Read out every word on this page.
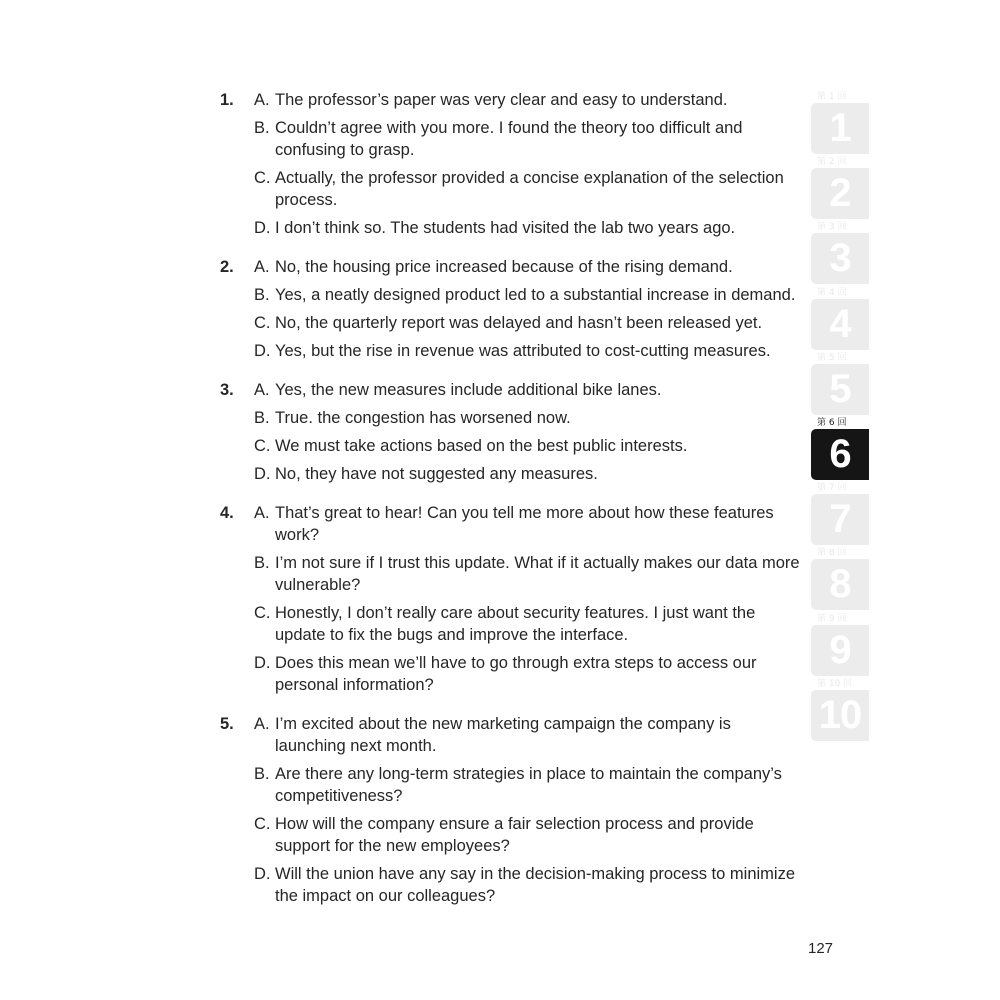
1. A. The professor’s paper was very clear and easy to understand.
B. Couldn’t agree with you more. I found the theory too difficult and confusing to grasp.
C. Actually, the professor provided a concise explanation of the selection process.
D. I don’t think so. The students had visited the lab two years ago.
2. A. No, the housing price increased because of the rising demand.
B. Yes, a neatly designed product led to a substantial increase in demand.
C. No, the quarterly report was delayed and hasn’t been released yet.
D. Yes, but the rise in revenue was attributed to cost-cutting measures.
3. A. Yes, the new measures include additional bike lanes.
B. True. the congestion has worsened now.
C. We must take actions based on the best public interests.
D. No, they have not suggested any measures.
4. A. That’s great to hear! Can you tell me more about how these features work?
B. I’m not sure if I trust this update. What if it actually makes our data more vulnerable?
C. Honestly, I don’t really care about security features. I just want the update to fix the bugs and improve the interface.
D. Does this mean we’ll have to go through extra steps to access our personal information?
5. A. I’m excited about the new marketing campaign the company is launching next month.
B. Are there any long-term strategies in place to maintain the company’s competitiveness?
C. How will the company ensure a fair selection process and provide support for the new employees?
D. Will the union have any say in the decision-making process to minimize the impact on our colleagues?
第 1 回
1
第 2 回
2
第 3 回
3
第 4 回
4
第 5 回
5
第 6 回
6
第 7 回
7
第 8 回
8
第 9 回
9
第 10 回
10
127
